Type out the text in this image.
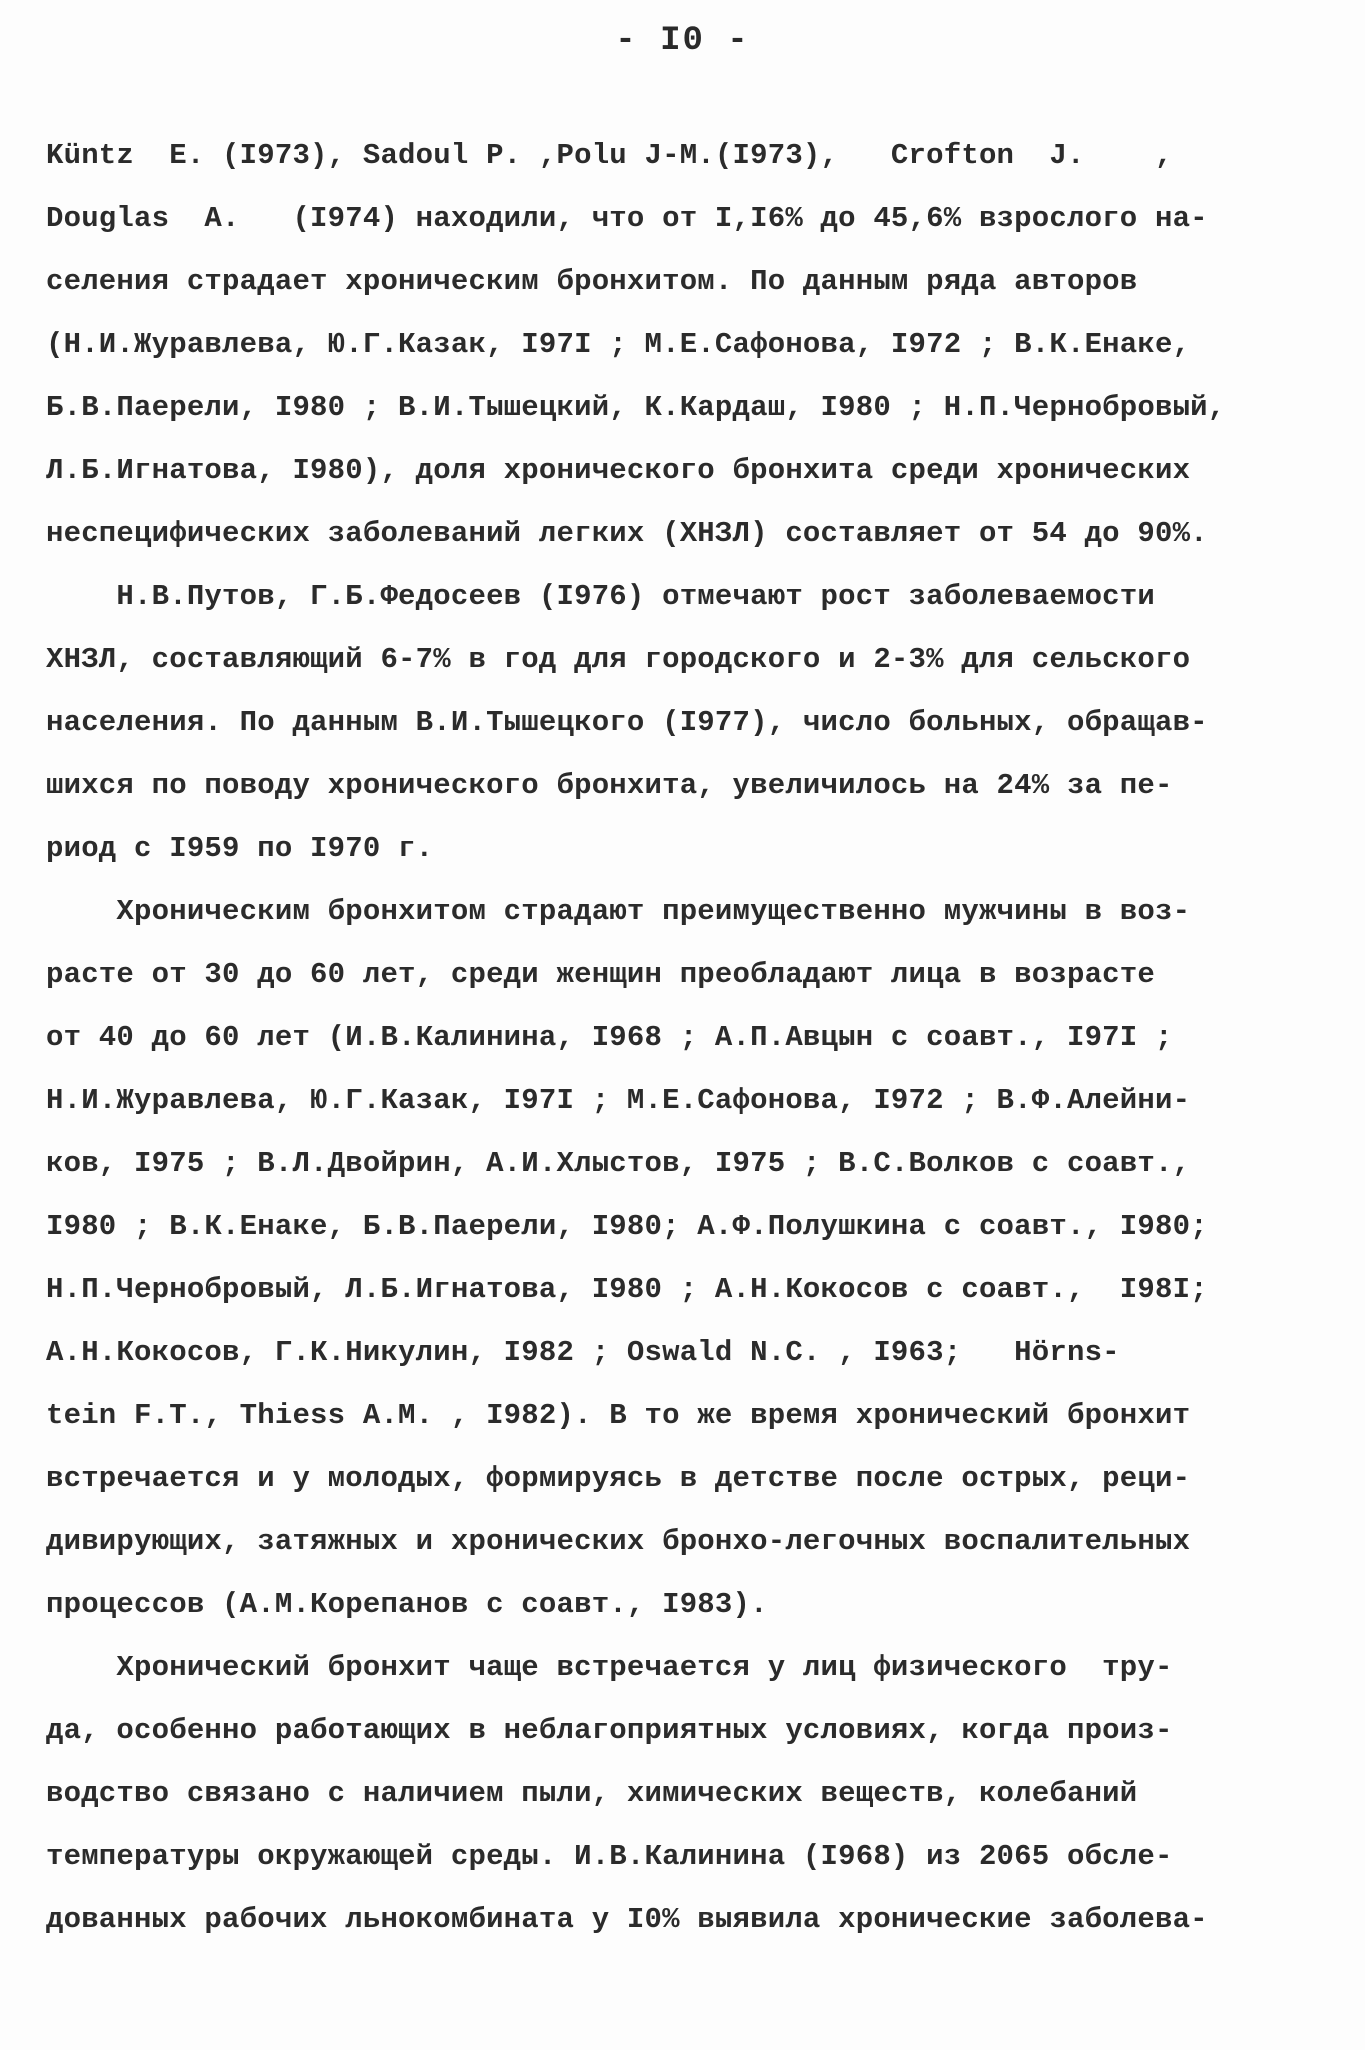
- I0 -
Küntz  E. (I973), Sadoul P. ,Polu J-M.(I973),   Crofton  J.    ,
Douglas  A.   (I974) находили, что от I,I6% до 45,6% взрослого на-
селения страдает хроническим бронхитом. По данным ряда авторов
(Н.И.Журавлева, Ю.Г.Казак, I97I ; М.Е.Сафонова, I972 ; В.К.Енаке,
Б.В.Паерели, I980 ; В.И.Тышецкий, К.Кардаш, I980 ; Н.П.Чернобровый,
Л.Б.Игнатова, I980), доля хронического бронхита среди хронических
неспецифических заболеваний легких (ХНЗЛ) составляет от 54 до 90%.
Н.В.Путов, Г.Б.Федосеев (I976) отмечают рост заболеваемости
ХНЗЛ, составляющий 6-7% в год для городского и 2-3% для сельского
населения. По данным В.И.Тышецкого (I977), число больных, обращав-
шихся по поводу хронического бронхита, увеличилось на 24% за пе-
риод с I959 по I970 г.
Хроническим бронхитом страдают преимущественно мужчины в воз-
расте от 30 до 60 лет, среди женщин преобладают лица в возрасте
от 40 до 60 лет (И.В.Калинина, I968 ; А.П.Авцын с соавт., I97I ;
Н.И.Журавлева, Ю.Г.Казак, I97I ; М.Е.Сафонова, I972 ; В.Ф.Алейни-
ков, I975 ; В.Л.Двойрин, А.И.Хлыстов, I975 ; В.С.Волков с соавт.,
I980 ; В.К.Енаке, Б.В.Паерели, I980; А.Ф.Полушкина с соавт., I980;
Н.П.Чернобровый, Л.Б.Игнатова, I980 ; А.Н.Кокосов с соавт.,  I98I;
А.Н.Кокосов, Г.К.Никулин, I982 ; Oswald N.C. , I963;   Hörns-
tein F.T., Thiess A.M. , I982). В то же время хронический бронхит
встречается и у молодых, формируясь в детстве после острых, реци-
дивирующих, затяжных и хронических бронхо-легочных воспалительных
процессов (А.М.Корепанов с соавт., I983).
Хронический бронхит чаще встречается у лиц физического  тру-
да, особенно работающих в неблагоприятных условиях, когда произ-
водство связано с наличием пыли, химических веществ, колебаний
температуры окружающей среды. И.В.Калинина (I968) из 2065 обсле-
дованных рабочих льнокомбината у I0% выявила хронические заболева-
